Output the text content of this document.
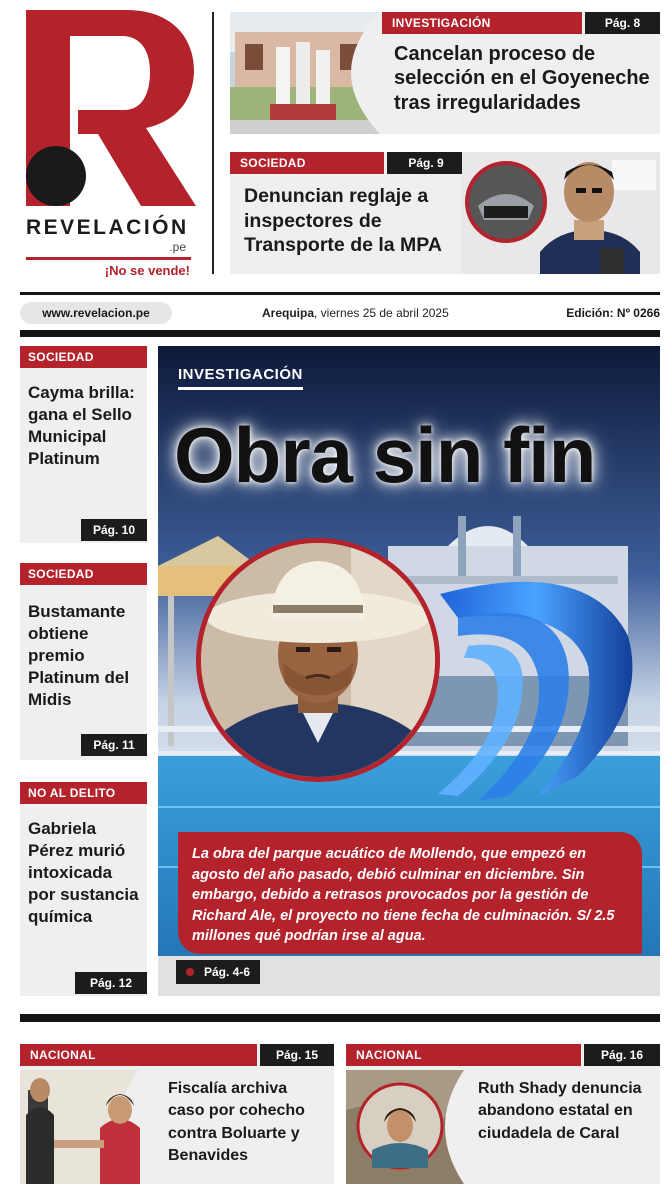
REVELACIÓN
.pe
¡No se vende!
INVESTIGACIÓN	Pág. 8
Cancelan proceso de selección en el Goyeneche tras irregularidades
SOCIEDAD	Pág. 9
Denuncian reglaje a inspectores de Transporte de la MPA
www.revelacion.pe	Arequipa, viernes 25 de abril 2025	Edición: Nº 0266
SOCIEDAD
Cayma brilla: gana el Sello Municipal Platinum
Pág. 10
SOCIEDAD
Bustamante obtiene premio Platinum del Midis
Pág. 11
NO AL DELITO
Gabriela Pérez murió intoxicada por sustancia química
Pág. 12
INVESTIGACIÓN
Obra sin fin
La obra del parque acuático de Mollendo, que empezó en agosto del año pasado, debió culminar en diciembre. Sin embargo, debido a retrasos provocados por la gestión de Richard Ale, el proyecto no tiene fecha de culminación. S/ 2.5 millones qué podrían irse al agua.
Pág. 4-6
NACIONAL	Pág. 15
Fiscalía archiva caso por cohecho contra Boluarte y Benavides
NACIONAL	Pág. 16
Ruth Shady denuncia abandono estatal en ciudadela de Caral
